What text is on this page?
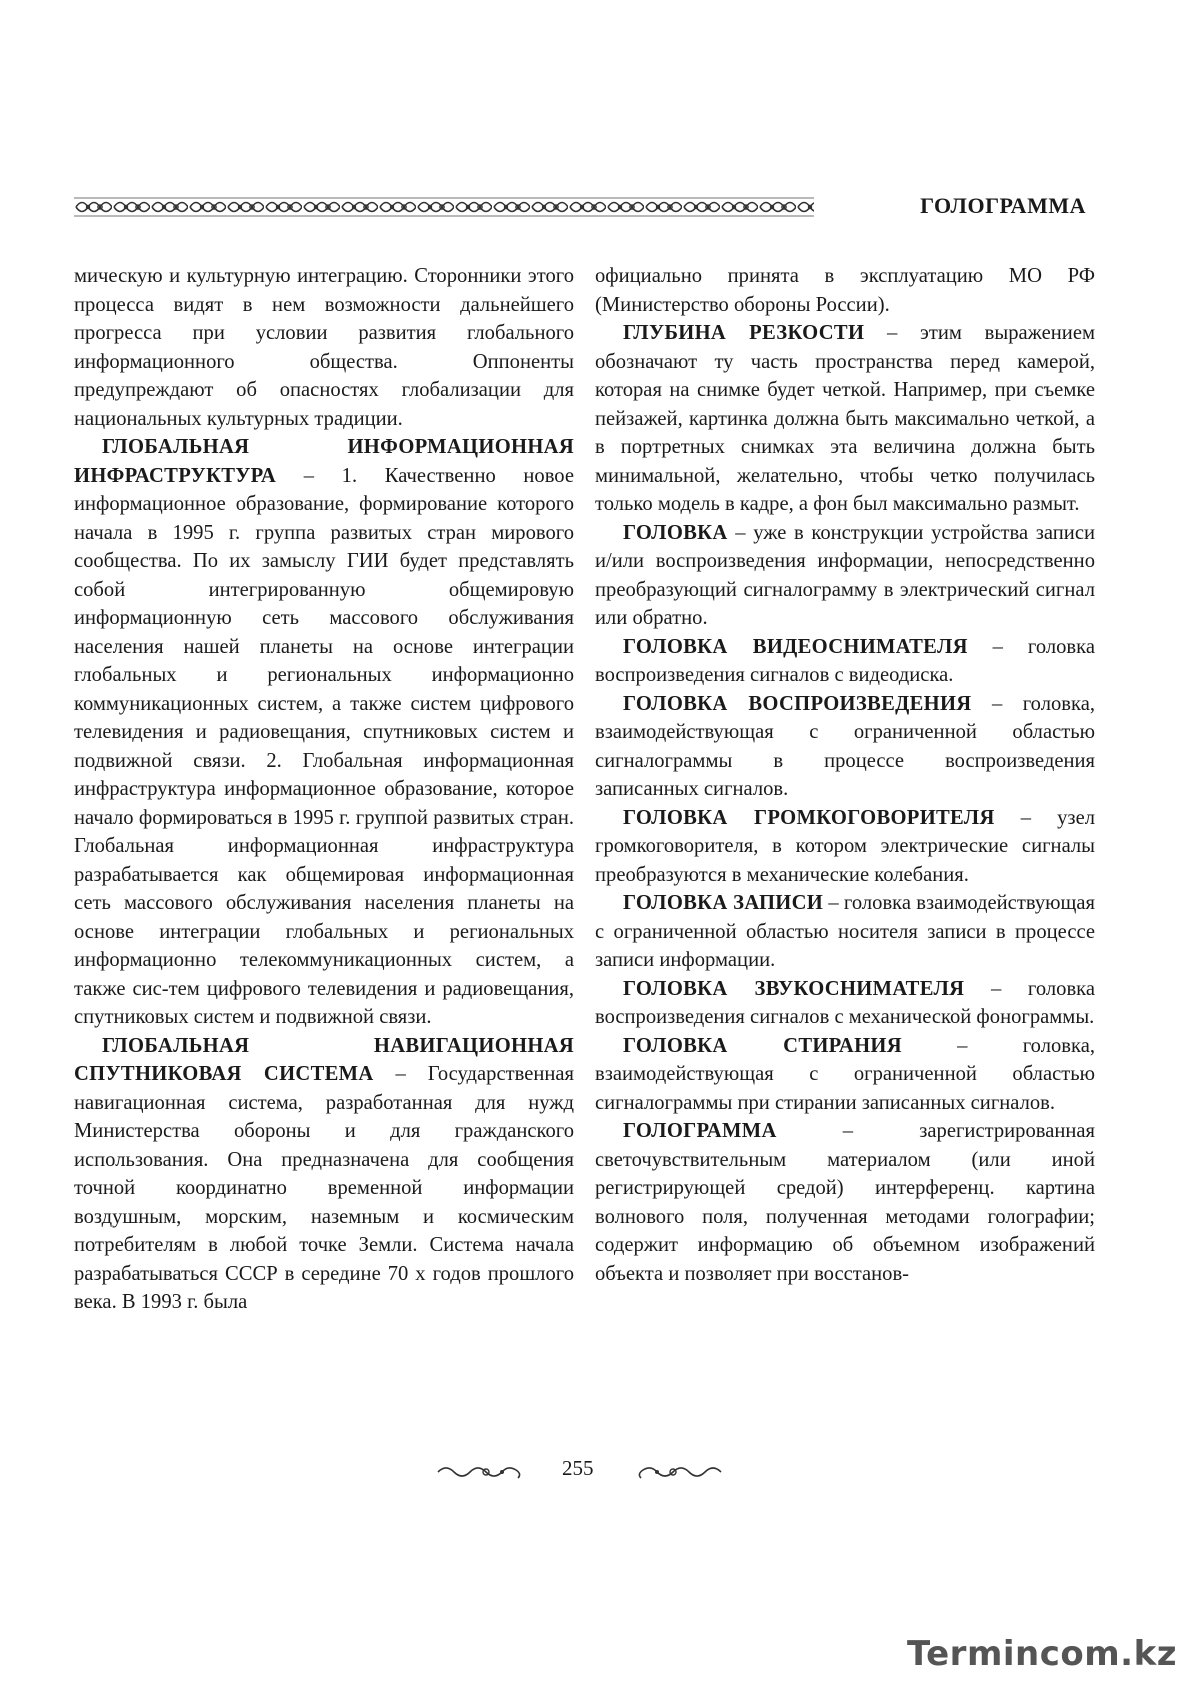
ГОЛОГРАММА

мическую и культурную интеграцию. Сторонники этого процесса видят в нем возможности дальнейшего прогресса при условии развития глобального информационного общества. Оппоненты предупреждают об опасностях глобализации для национальных культурных традиции.

ГЛОБАЛЬНАЯ ИНФОРМАЦИОННАЯ ИНФРАСТРУКТУРА – 1. Качественно новое информационное образование, формирование которого начала в 1995 г. группа развитых стран мирового сообщества. По их замыслу ГИИ будет представлять собой интегрированную общемировую информационную сеть массового обслуживания населения нашей планеты на основе интеграции глобальных и региональных информационно коммуникационных систем, а также систем цифрового телевидения и радиовещания, спутниковых систем и подвижной связи. 2. Глобальная информационная инфраструктура информационное образование, которое начало формироваться в 1995 г. группой развитых стран. Глобальная информационная инфраструктура разрабатывается как общемировая информационная сеть массового обслуживания населения планеты на основе интеграции глобальных и региональных информационно телекоммуникационных систем, а также сис-тем цифрового телевидения и радиовещания, спутниковых систем и подвижной связи.

ГЛОБАЛЬНАЯ НАВИГАЦИОННАЯ СПУТНИКОВАЯ СИСТЕМА – Государственная навигационная система, разработанная для нужд Министерства обороны и для гражданского использования. Она предназначена для сообщения точной координатно временной информации воздушным, морским, наземным и космическим потребителям в любой точке Земли. Система начала разрабатываться СССР в середине 70 х годов прошлого века. В 1993 г. была

официально принята в эксплуатацию МО РФ (Министерство обороны России).

ГЛУБИНА РЕЗКОСТИ – этим выражением обозначают ту часть пространства перед камерой, которая на снимке будет четкой. Например, при съемке пейзажей, картинка должна быть максимально четкой, а в портретных снимках эта величина должна быть минимальной, желательно, чтобы четко получилась только модель в кадре, а фон был максимально размыт.

ГОЛОВКА – уже в конструкции устройства записи и/или воспроизведения информации, непосредственно преобразующий сигналограмму в электрический сигнал или обратно.

ГОЛОВКА ВИДЕОСНИМАТЕЛЯ – головка воспроизведения сигналов с видеодиска.

ГОЛОВКА ВОСПРОИЗВЕДЕНИЯ – головка, взаимодействующая с ограниченной областью сигналограммы в процессе воспроизведения записанных сигналов.

ГОЛОВКА ГРОМКОГОВОРИТЕЛЯ – узел громкоговорителя, в котором электрические сигналы преобразуются в механические колебания.

ГОЛОВКА ЗАПИСИ – головка взаимодействующая с ограниченной областью носителя записи в процессе записи информации.

ГОЛОВКА ЗВУКОСНИМАТЕЛЯ – головка воспроизведения сигналов с механической фонограммы.

ГОЛОВКА СТИРАНИЯ – головка, взаимодействующая с ограниченной областью сигналограммы при стирании записанных сигналов.

ГОЛОГРАММА – зарегистрированная светочувствительным материалом (или иной регистрирующей средой) интерференц. картина волнового поля, полученная методами голографии; содержит информацию об объемном изображений объекта и позволяет при восстанов-

255
Termincom.kz
